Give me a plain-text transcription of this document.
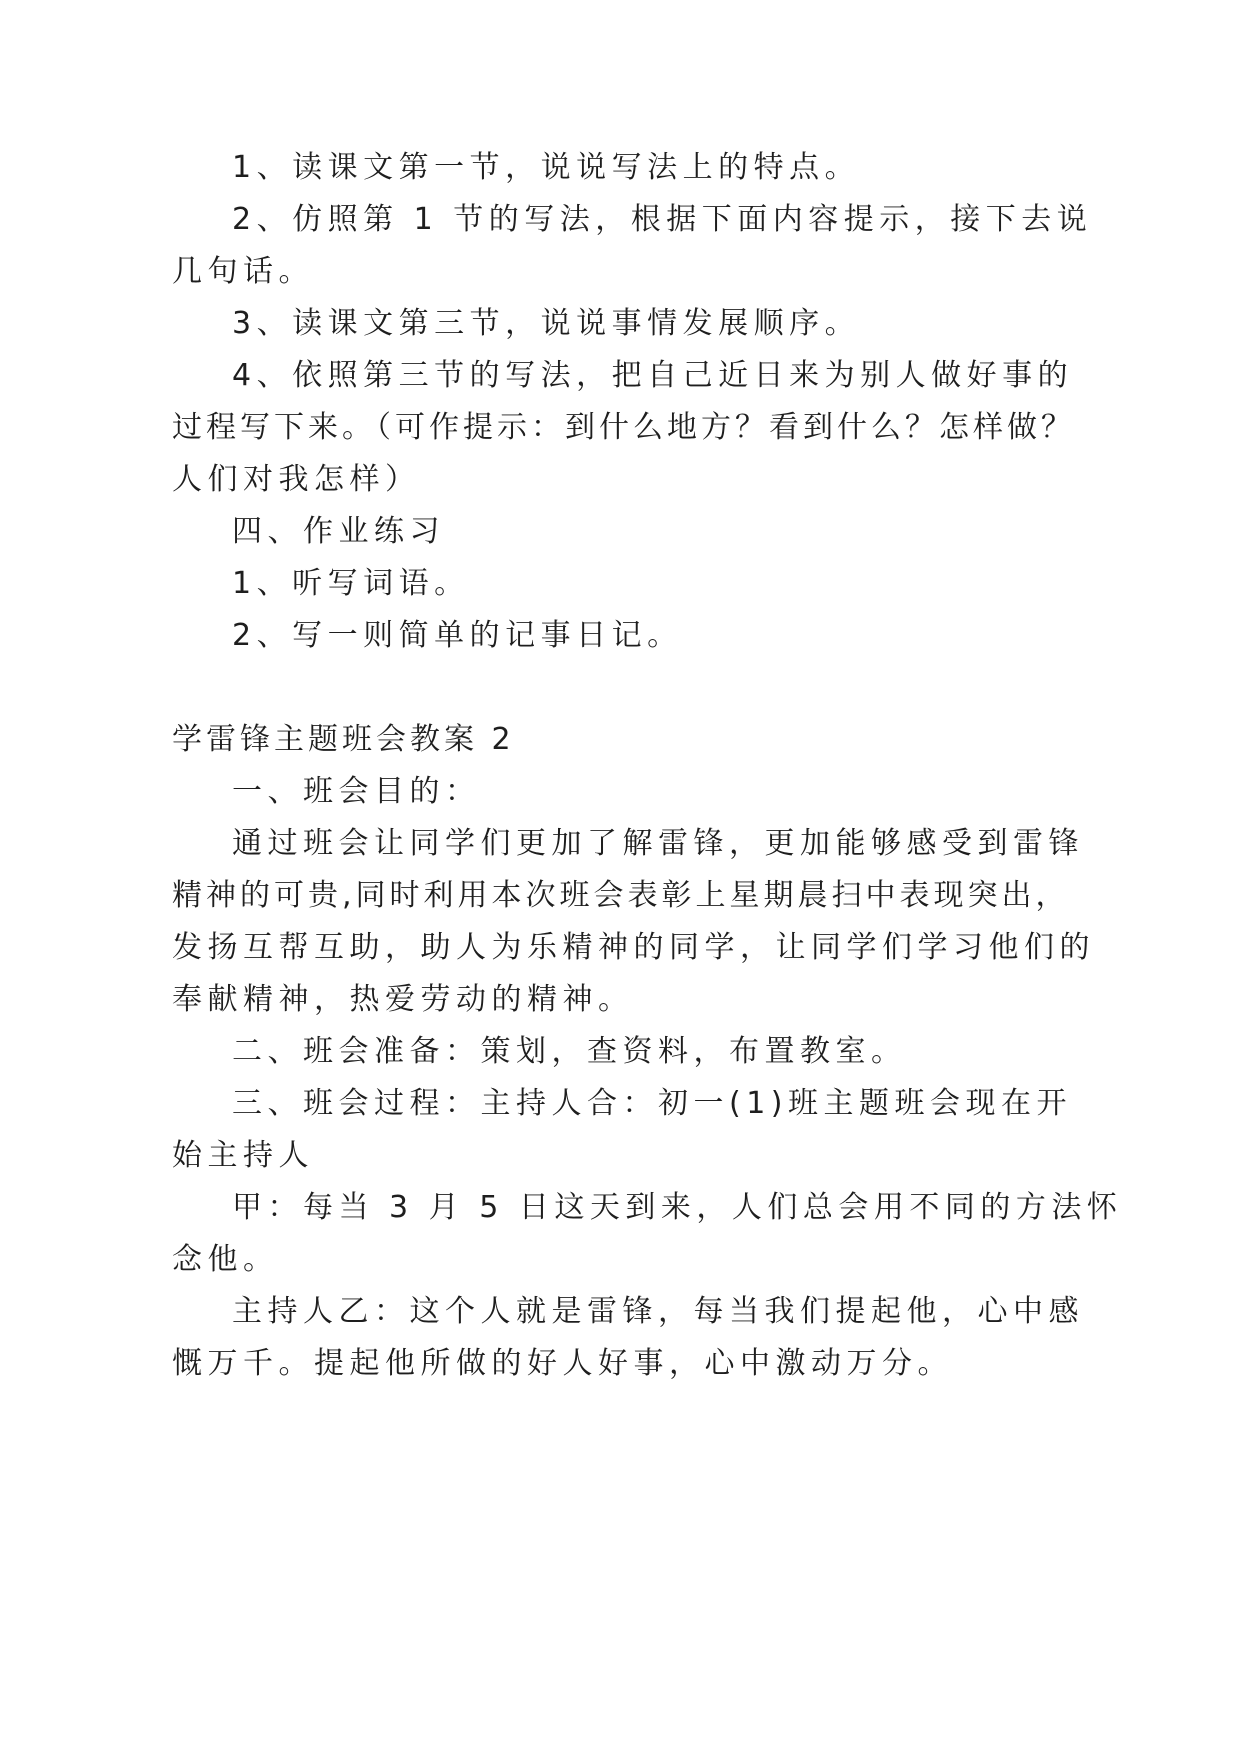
1、读课文第一节，说说写法上的特点。
2、仿照第 1 节的写法，根据下面内容提示，接下去说
几句话。
3、读课文第三节，说说事情发展顺序。
4、依照第三节的写法，把自己近日来为别人做好事的
过程写下来。（可作提示：到什么地方？看到什么？怎样做？
人们对我怎样）
四、作业练习
1、听写词语。
2、写一则简单的记事日记。
学雷锋主题班会教案 2
一、班会目的：
通过班会让同学们更加了解雷锋，更加能够感受到雷锋
精神的可贵,同时利用本次班会表彰上星期晨扫中表现突出，
发扬互帮互助，助人为乐精神的同学，让同学们学习他们的
奉献精神，热爱劳动的精神。
二、班会准备：策划，查资料，布置教室。
三、班会过程：主持人合：初一(1)班主题班会现在开
始主持人
甲：每当 3 月 5 日这天到来，人们总会用不同的方法怀
念他。
主持人乙：这个人就是雷锋，每当我们提起他，心中感
慨万千。提起他所做的好人好事，心中激动万分。
